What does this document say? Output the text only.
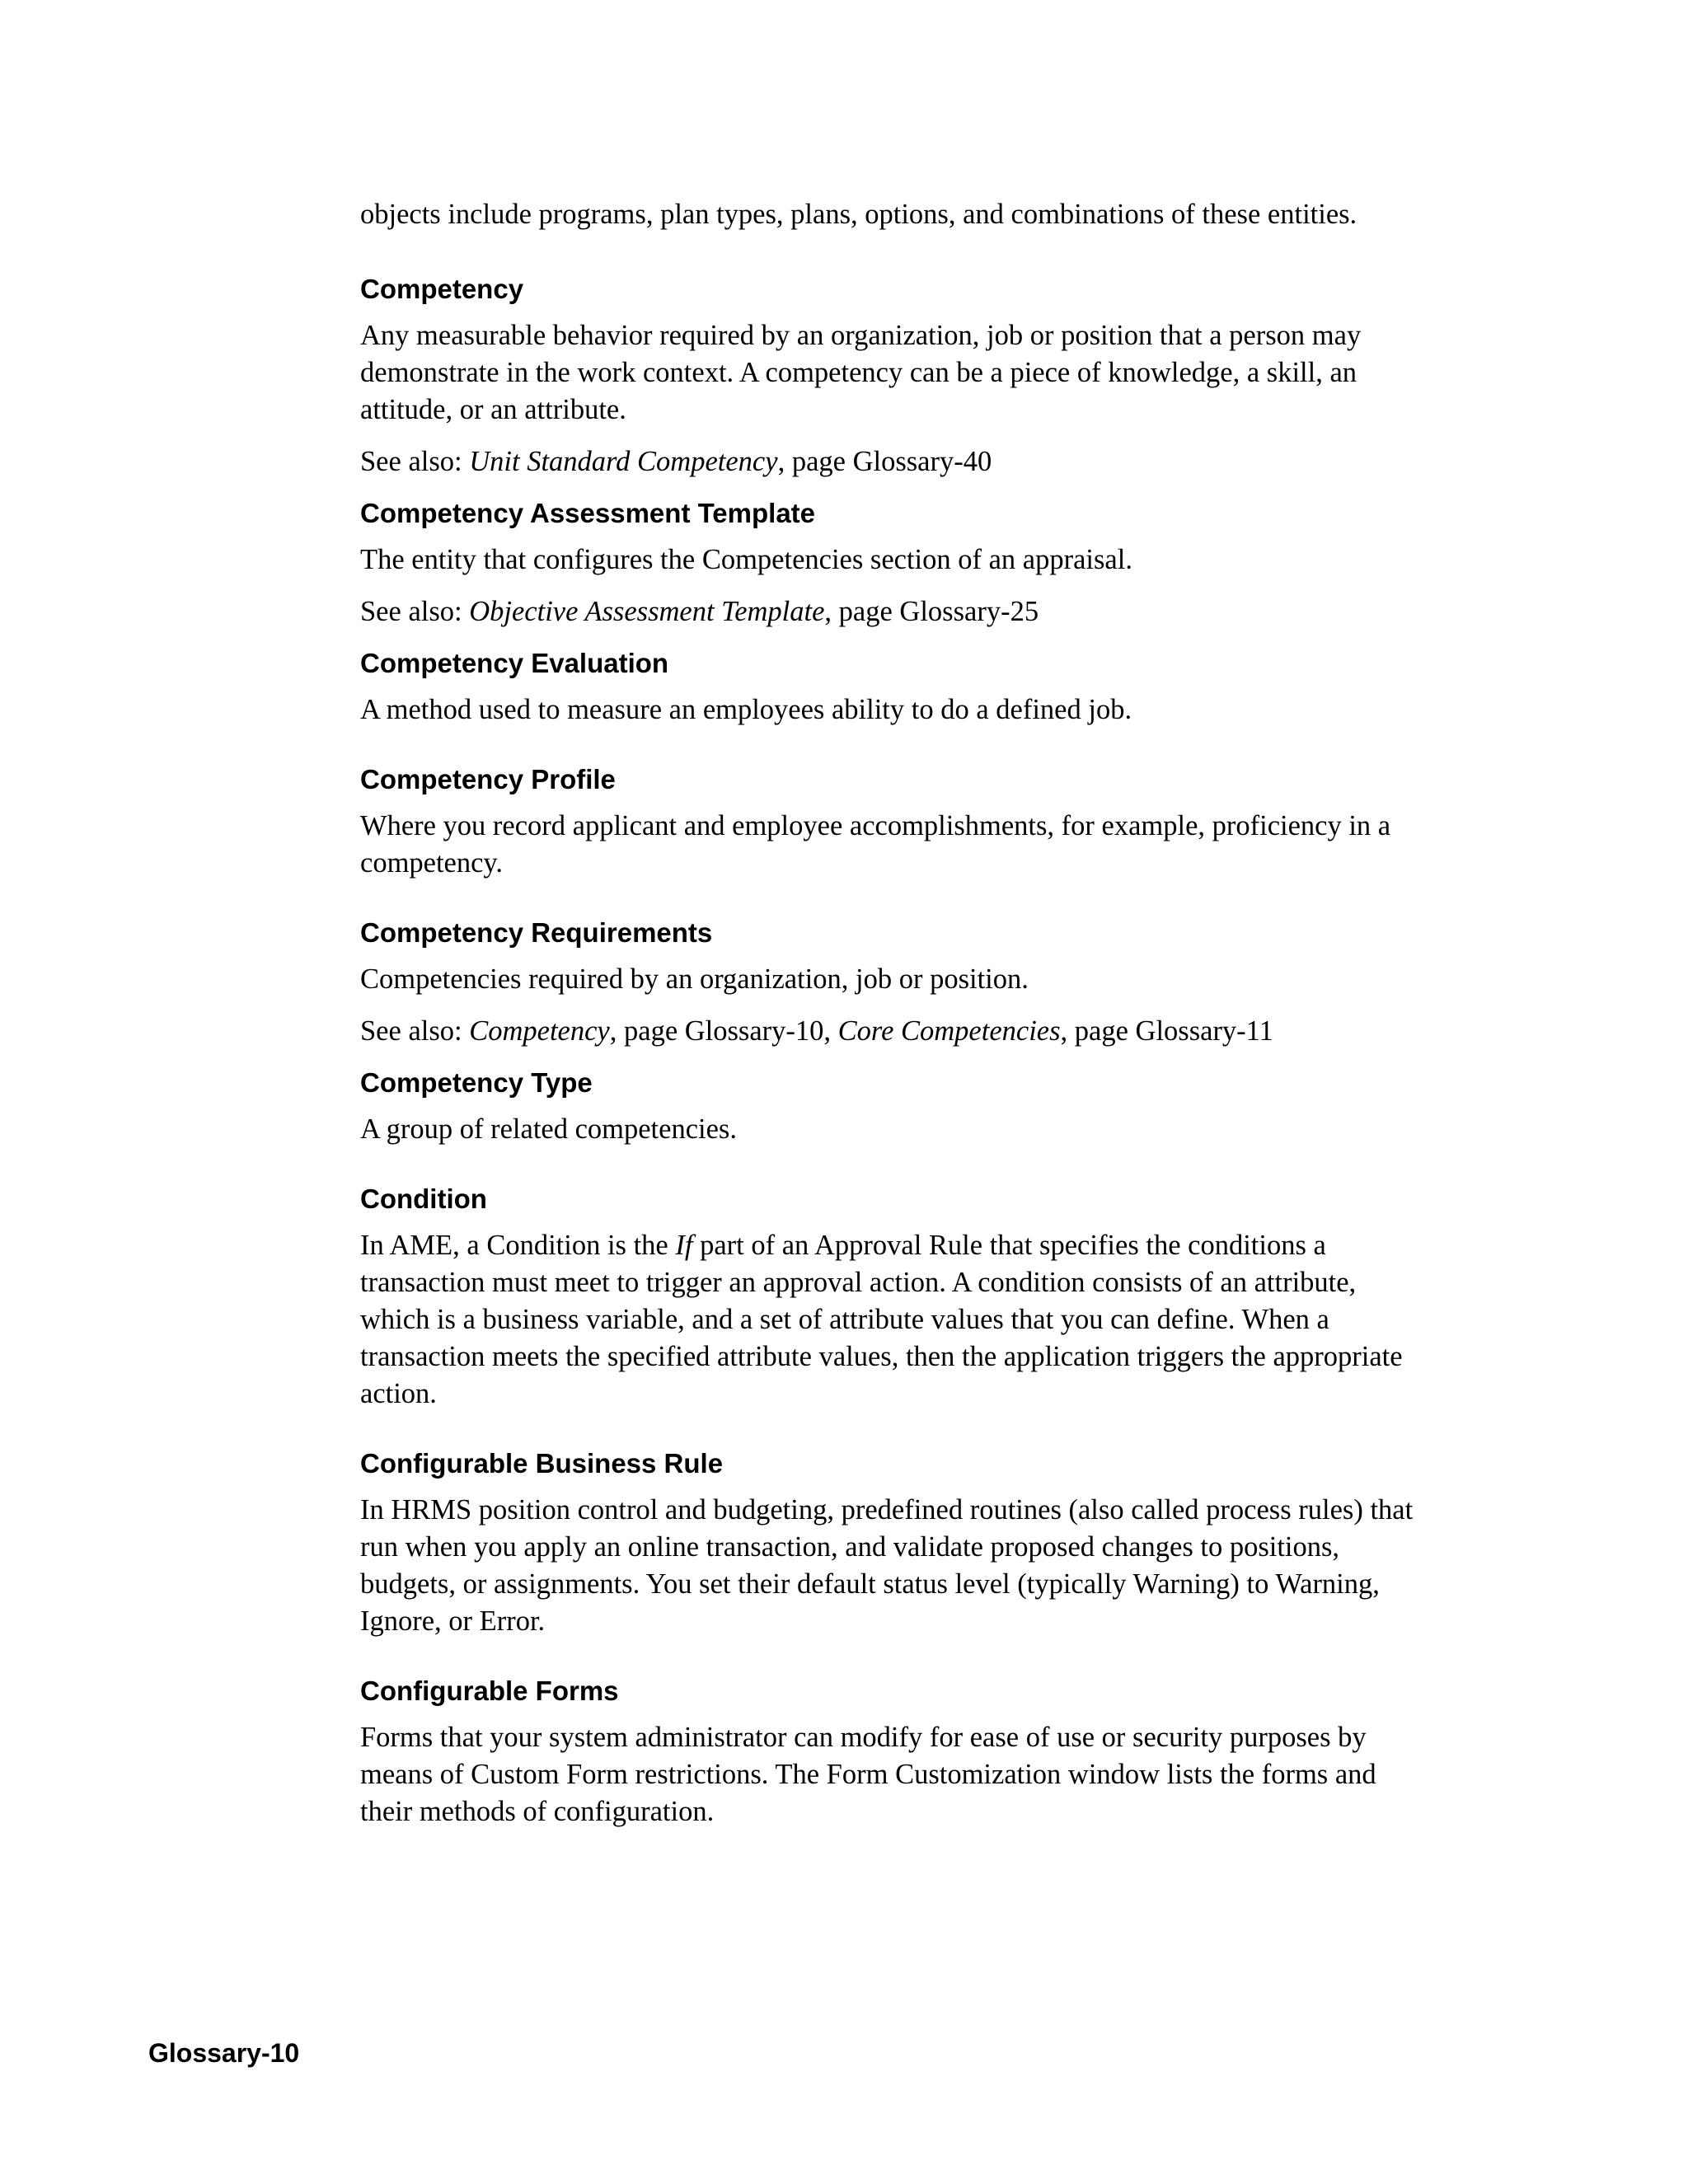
objects include programs, plan types, plans, options, and combinations of these entities.

Competency

Any measurable behavior required by an organization, job or position that a person may demonstrate in the work context. A competency can be a piece of knowledge, a skill, an attitude, or an attribute.

See also: Unit Standard Competency, page Glossary-40

Competency Assessment Template

The entity that configures the Competencies section of an appraisal.

See also: Objective Assessment Template, page Glossary-25

Competency Evaluation

A method used to measure an employees ability to do a defined job.

Competency Profile

Where you record applicant and employee accomplishments, for example, proficiency in a competency.

Competency Requirements

Competencies required by an organization, job or position.

See also: Competency, page Glossary-10, Core Competencies, page Glossary-11

Competency Type

A group of related competencies.

Condition

In AME, a Condition is the If part of an Approval Rule that specifies the conditions a transaction must meet to trigger an approval action. A condition consists of an attribute, which is a business variable, and a set of attribute values that you can define. When a transaction meets the specified attribute values, then the application triggers the appropriate action.

Configurable Business Rule

In HRMS position control and budgeting, predefined routines (also called process rules) that run when you apply an online transaction, and validate proposed changes to positions, budgets, or assignments. You set their default status level (typically Warning) to Warning, Ignore, or Error.

Configurable Forms

Forms that your system administrator can modify for ease of use or security purposes by means of Custom Form restrictions. The Form Customization window lists the forms and their methods of configuration.

Glossary-10
